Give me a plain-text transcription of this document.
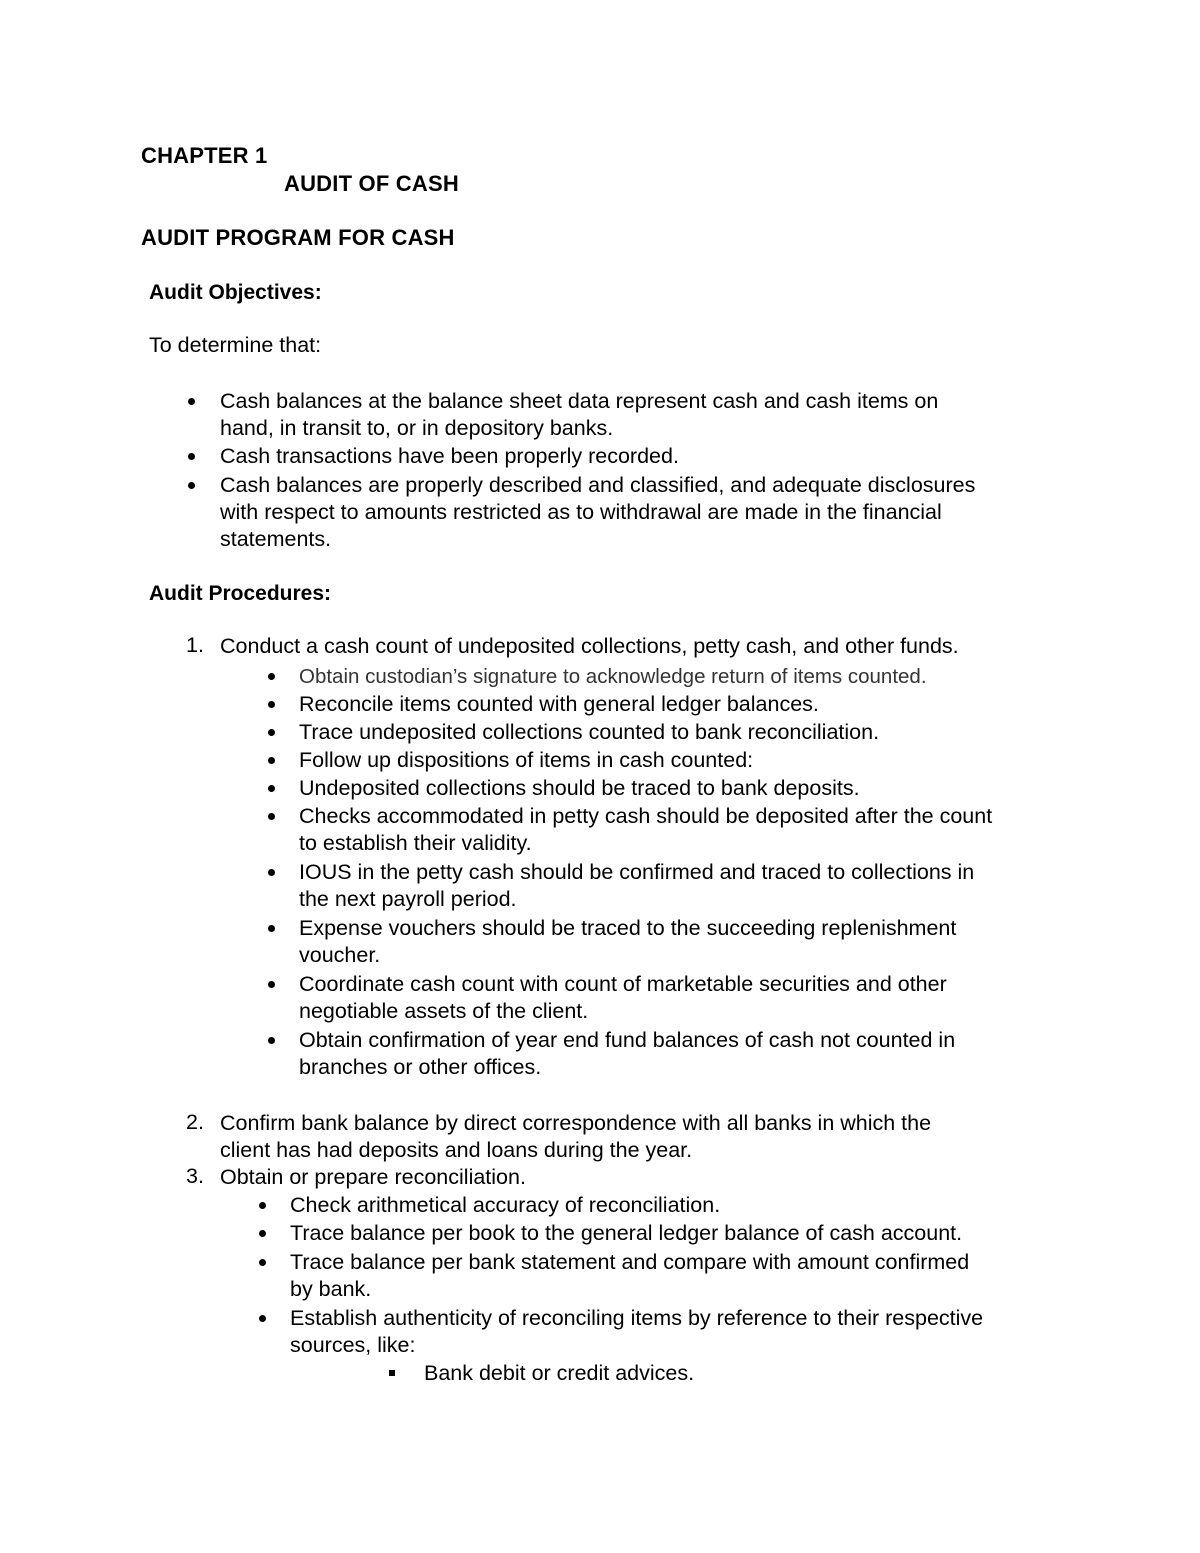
CHAPTER 1
AUDIT OF CASH
AUDIT PROGRAM FOR CASH
Audit Objectives:
To determine that:
Cash balances at the balance sheet data represent cash and cash items on
hand, in transit to, or in depository banks.
Cash transactions have been properly recorded.
Cash balances are properly described and classified, and adequate disclosures
with respect to amounts restricted as to withdrawal are made in the financial
statements.
Audit Procedures:
1. Conduct a cash count of undeposited collections, petty cash, and other funds.
Obtain custodian’s signature to acknowledge return of items counted.
Reconcile items counted with general ledger balances.
Trace undeposited collections counted to bank reconciliation.
Follow up dispositions of items in cash counted:
Undeposited collections should be traced to bank deposits.
Checks accommodated in petty cash should be deposited after the count
to establish their validity.
IOUS in the petty cash should be confirmed and traced to collections in
the next payroll period.
Expense vouchers should be traced to the succeeding replenishment
voucher.
Coordinate cash count with count of marketable securities and other
negotiable assets of the client.
Obtain confirmation of year end fund balances of cash not counted in
branches or other offices.
2. Confirm bank balance by direct correspondence with all banks in which the
client has had deposits and loans during the year.
3. Obtain or prepare reconciliation.
Check arithmetical accuracy of reconciliation.
Trace balance per book to the general ledger balance of cash account.
Trace balance per bank statement and compare with amount confirmed
by bank.
Establish authenticity of reconciling items by reference to their respective
sources, like:
Bank debit or credit advices.
